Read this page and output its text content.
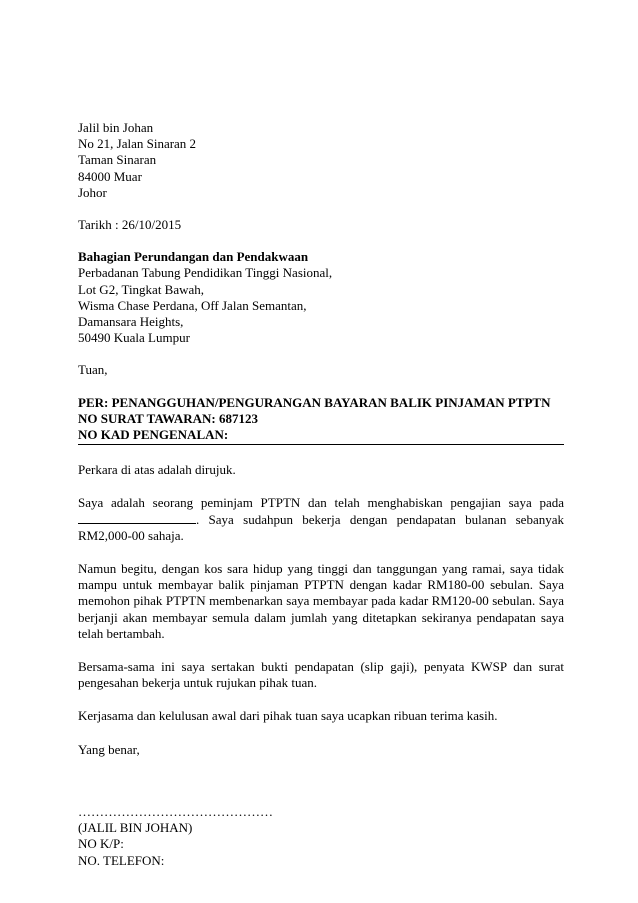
Jalil bin Johan
No 21, Jalan Sinaran 2
Taman Sinaran
84000 Muar
Johor
Tarikh : 26/10/2015
Bahagian Perundangan dan Pendakwaan
Perbadanan Tabung Pendidikan Tinggi Nasional,
Lot G2, Tingkat Bawah,
Wisma Chase Perdana, Off Jalan Semantan,
Damansara Heights,
50490 Kuala Lumpur
Tuan,
PER: PENANGGUHAN/PENGURANGAN BAYARAN BALIK PINJAMAN PTPTN
NO SURAT TAWARAN: 687123
NO KAD PENGENALAN:

Perkara di atas adalah dirujuk.

Saya adalah seorang peminjam PTPTN dan telah menghabiskan pengajian saya pada . Saya sudahpun bekerja dengan pendapatan bulanan sebanyak RM2,000-00 sahaja.

Namun begitu, dengan kos sara hidup yang tinggi dan tanggungan yang ramai, saya tidak mampu untuk membayar balik pinjaman PTPTN dengan kadar RM180-00 sebulan. Saya memohon pihak PTPTN membenarkan saya membayar pada kadar RM120-00 sebulan. Saya berjanji akan membayar semula dalam jumlah yang ditetapkan sekiranya pendapatan saya telah bertambah.

Bersama-sama ini saya sertakan bukti pendapatan (slip gaji), penyata KWSP dan surat pengesahan bekerja untuk rujukan pihak tuan.

Kerjasama dan kelulusan awal dari pihak tuan saya ucapkan ribuan terima kasih.

Yang benar,
………………………………………
(JALIL BIN JOHAN)
NO K/P:
NO. TELEFON:
